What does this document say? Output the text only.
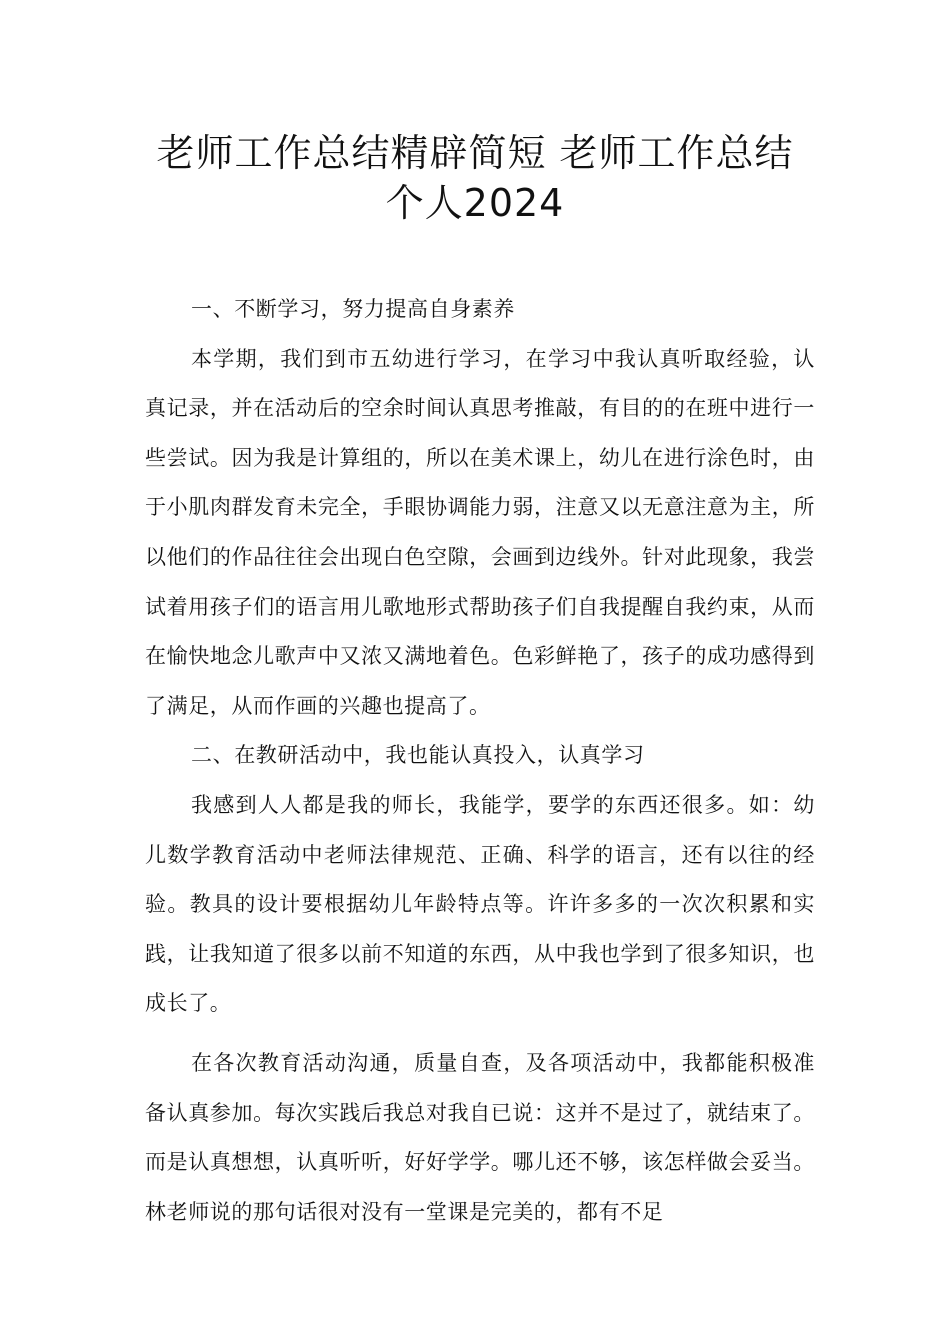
老师工作总结精辟简短 老师工作总结
个人2024

一、不断学习，努力提高自身素养

本学期，我们到市五幼进行学习，在学习中我认真听取经验，认真记录，并在活动后的空余时间认真思考推敲，有目的的在班中进行一些尝试。因为我是计算组的，所以在美术课上，幼儿在进行涂色时，由于小肌肉群发育未完全，手眼协调能力弱，注意又以无意注意为主，所以他们的作品往往会出现白色空隙，会画到边线外。针对此现象，我尝试着用孩子们的语言用儿歌地形式帮助孩子们自我提醒自我约束，从而在愉快地念儿歌声中又浓又满地着色。色彩鲜艳了，孩子的成功感得到了满足，从而作画的兴趣也提高了。

二、在教研活动中，我也能认真投入，认真学习

我感到人人都是我的师长，我能学，要学的东西还很多。如：幼儿数学教育活动中老师法律规范、正确、科学的语言，还有以往的经验。教具的设计要根据幼儿年龄特点等。许许多多的一次次积累和实践，让我知道了很多以前不知道的东西，从中我也学到了很多知识，也成长了。

在各次教育活动沟通，质量自查，及各项活动中，我都能积极准备认真参加。每次实践后我总对我自已说：这并不是过了，就结束了。而是认真想想，认真听听，好好学学。哪儿还不够，该怎样做会妥当。林老师说的那句话很对没有一堂课是完美的，都有不足
